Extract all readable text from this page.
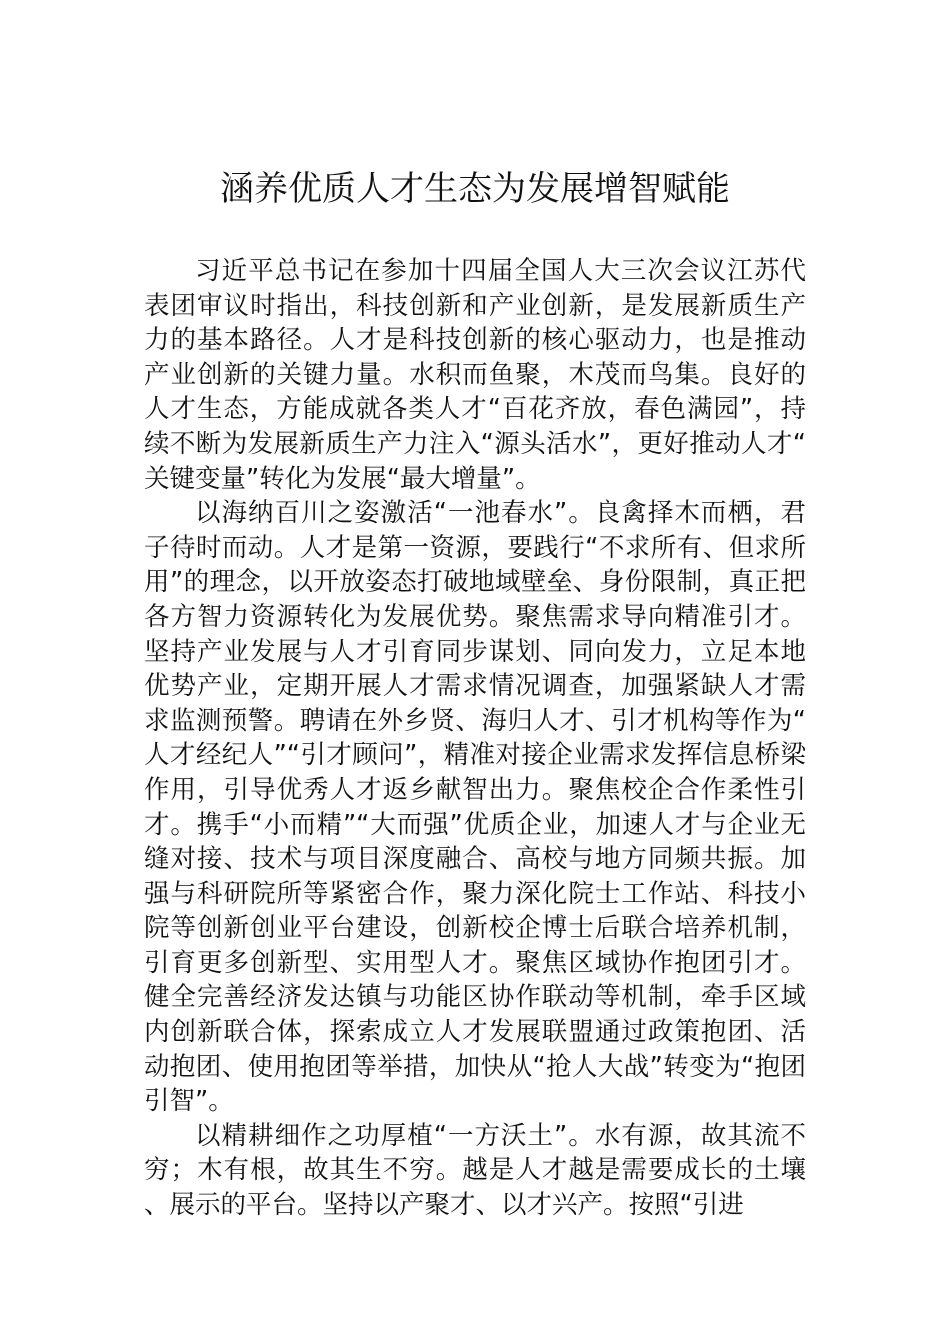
涵养优质人才生态为发展增智赋能

习近平总书记在参加十四届全国人大三次会议江苏代表团审议时指出，科技创新和产业创新，是发展新质生产力的基本路径。人才是科技创新的核心驱动力，也是推动产业创新的关键力量。水积而鱼聚，木茂而鸟集。良好的人才生态，方能成就各类人才“百花齐放，春色满园”，持续不断为发展新质生产力注入“源头活水”，更好推动人才“关键变量”转化为发展“最大增量”。

以海纳百川之姿激活“一池春水”。良禽择木而栖，君子待时而动。人才是第一资源，要践行“不求所有、但求所用”的理念，以开放姿态打破地域壁垒、身份限制，真正把各方智力资源转化为发展优势。聚焦需求导向精准引才。坚持产业发展与人才引育同步谋划、同向发力，立足本地优势产业，定期开展人才需求情况调查，加强紧缺人才需求监测预警。聘请在外乡贤、海归人才、引才机构等作为“人才经纪人”“引才顾问”，精准对接企业需求发挥信息桥梁作用，引导优秀人才返乡献智出力。聚焦校企合作柔性引才。携手“小而精”“大而强”优质企业，加速人才与企业无缝对接、技术与项目深度融合、高校与地方同频共振。加强与科研院所等紧密合作，聚力深化院士工作站、科技小院等创新创业平台建设，创新校企博士后联合培养机制，引育更多创新型、实用型人才。聚焦区域协作抱团引才。健全完善经济发达镇与功能区协作联动等机制，牵手区域内创新联合体，探索成立人才发展联盟通过政策抱团、活动抱团、使用抱团等举措，加快从“抢人大战”转变为“抱团引智”。

以精耕细作之功厚植“一方沃土”。水有源，故其流不穷；木有根，故其生不穷。越是人才越是需要成长的土壤、展示的平台。坚持以产聚才、以才兴产。按照“引进
